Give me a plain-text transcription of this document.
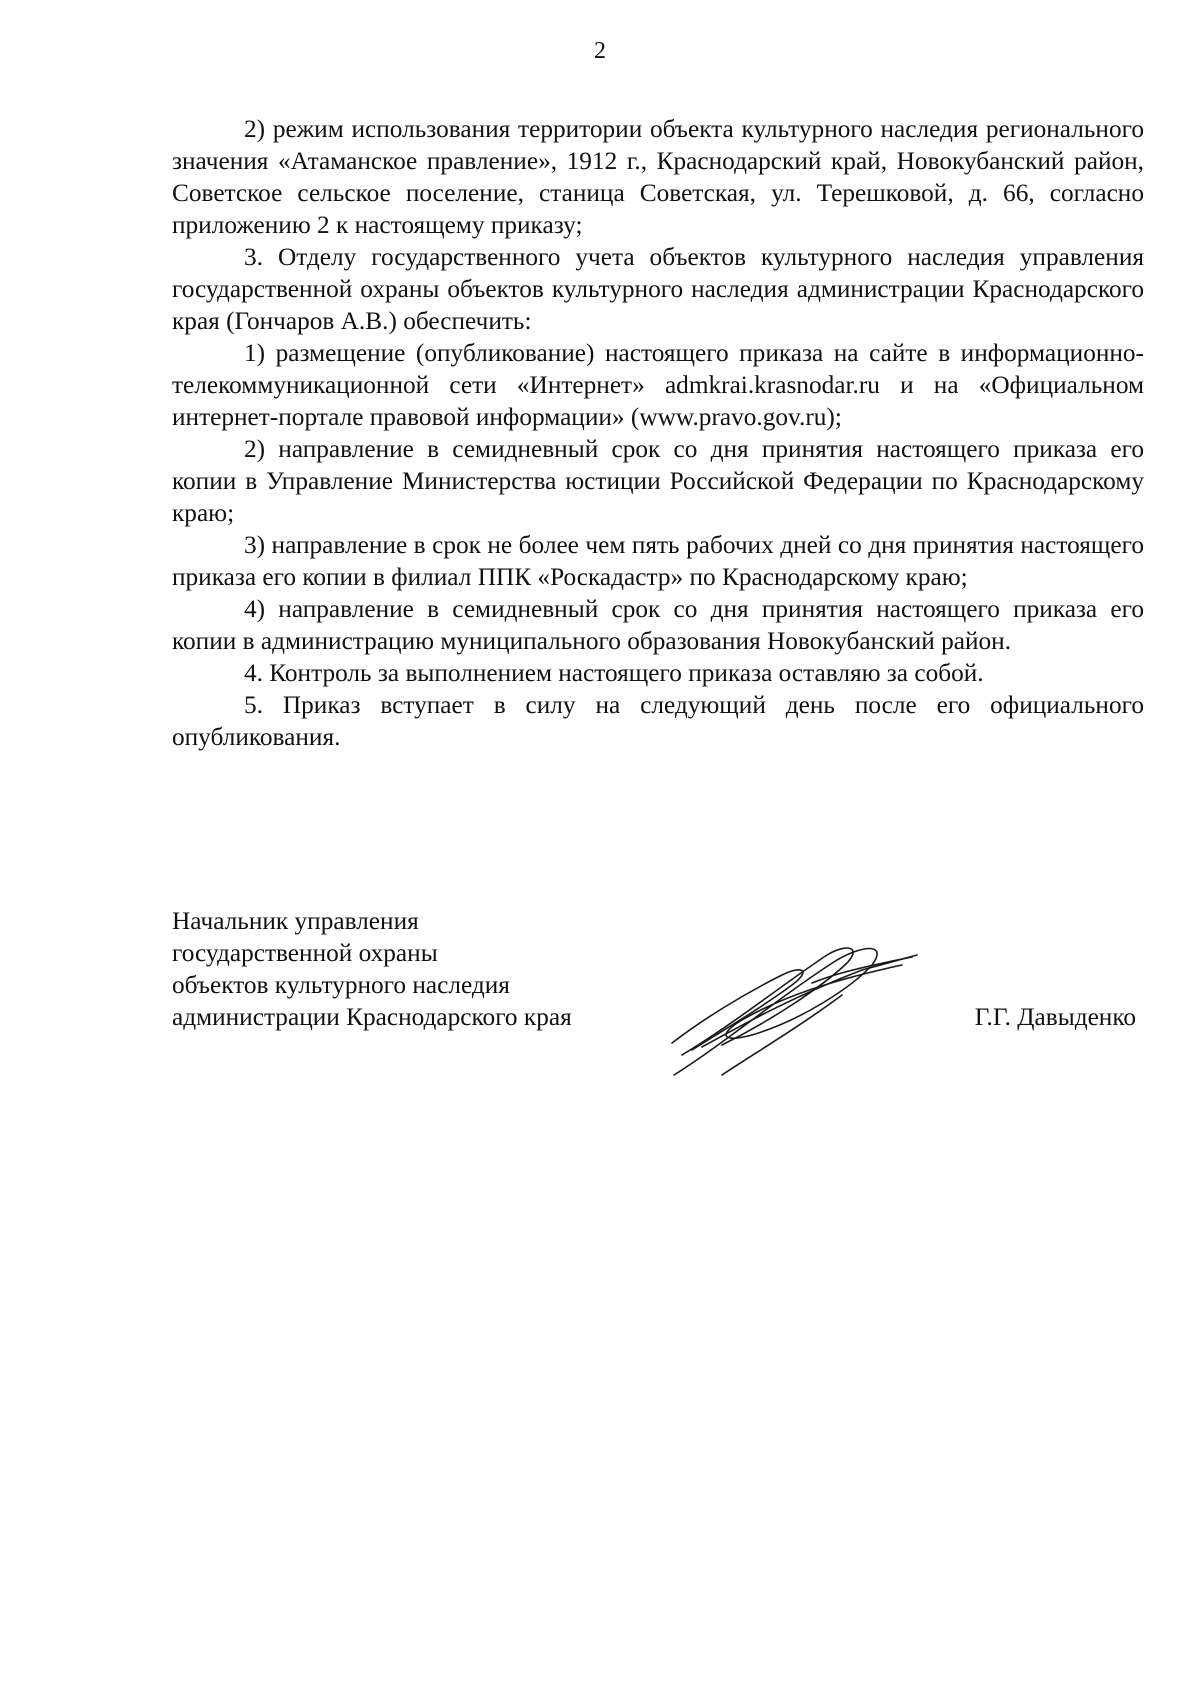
2

2) режим использования территории объекта культурного наследия регионального значения «Атаманское правление», 1912 г., Краснодарский край, Новокубанский район, Советское сельское поселение, станица Советская, ул. Терешковой, д. 66, согласно приложению 2 к настоящему приказу;

3. Отделу государственного учета объектов культурного наследия управления государственной охраны объектов культурного наследия администрации Краснодарского края (Гончаров А.В.) обеспечить:

1) размещение (опубликование) настоящего приказа на сайте в информационно-телекоммуникационной сети «Интернет» admkrai.krasnodar.ru и на «Официальном интернет-портале правовой информации» (www.pravo.gov.ru);

2) направление в семидневный срок со дня принятия настоящего приказа его копии в Управление Министерства юстиции Российской Федерации по Краснодарскому краю;

3) направление в срок не более чем пять рабочих дней со дня принятия настоящего приказа его копии в филиал ППК «Роскадастр» по Краснодарскому краю;

4) направление в семидневный срок со дня принятия настоящего приказа его копии в администрацию муниципального образования Новокубанский район.

4. Контроль за выполнением настоящего приказа оставляю за собой.

5. Приказ вступает в силу на следующий день после его официального опубликования.

Начальник управления
государственной охраны
объектов культурного наследия
администрации Краснодарского края	Г.Г. Давыденко
